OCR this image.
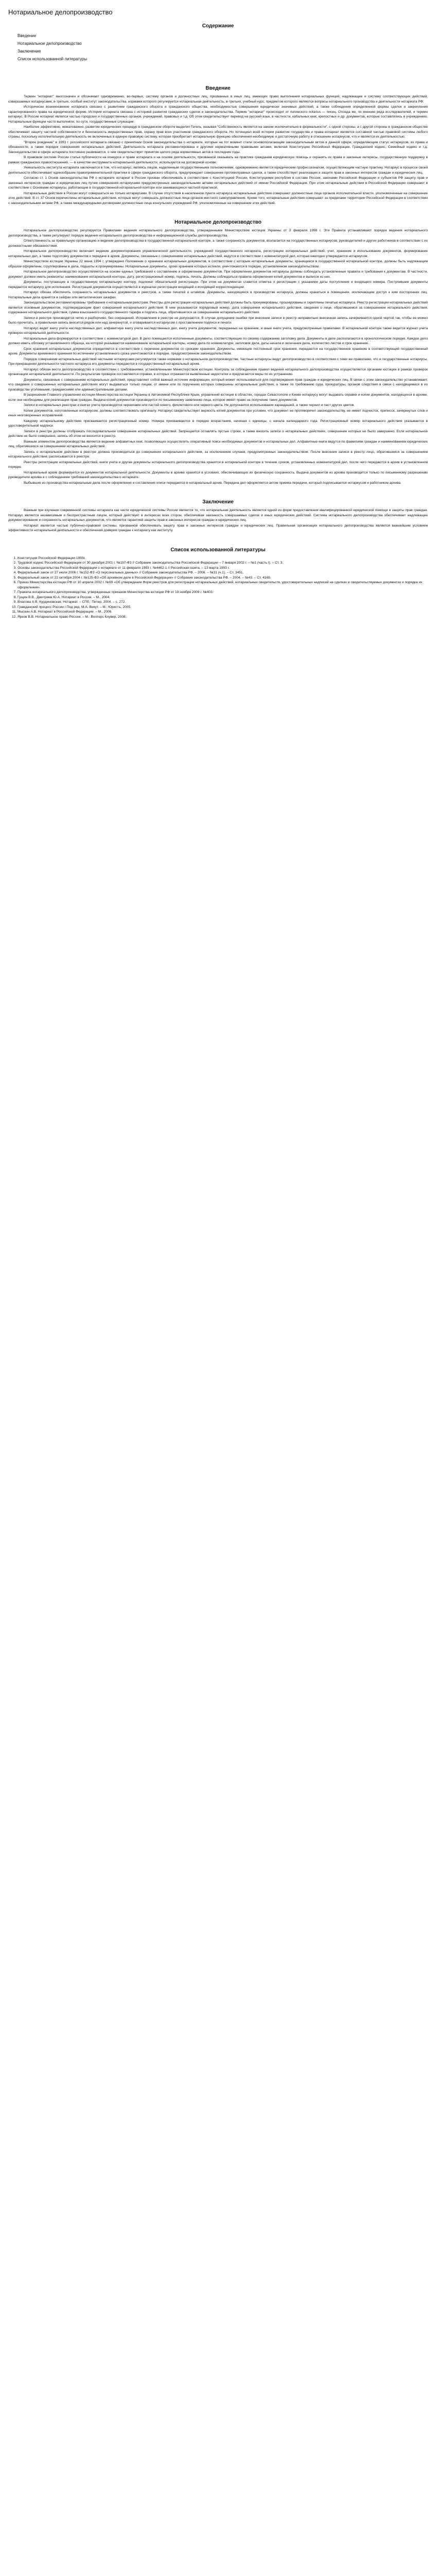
Нотариальное делопроизводство
Содержание
Введение
Нотариальное делопроизводство
Заключение
Список использованной литературы
Введение

Термин "нотариат" многозначен и обозначает одновременно, во-первых, систему органов и должностных лиц, призванных в иных лиц, имеющих право выполнения нотариальных функций, надлежащее и систему соответствующих действий, совершаемых нотариусами, в-третьих, особый институт законодательства, нормами которого регулируется нотариальная деятельность, в-третьих, учебный курс, предметом которого являются вопросы нотариального производства и деятельности нотариата РФ.

Исторически возникновение нотариата связано с развитием гражданского оборота и гражданского общества, необходимостью совершения юридически значимых действий, а также соблюдения определенной формы сделок и закрепления гарантированного права на юридической форме. История нотариата связана с историей развития гражданских сделок и законодательства. Термин "нотариат" происходит от латинского notarius — писец. Отсюда же, по мнению ряда исследователей, и термин нотариус. В России нотариат являлся частью городских и государственных органов, учреждений, правовых и т.д. Об этом свидетельствует перевод на русский язык, в частности, кабальных книг, крепостных и др. документов, которые составлялись в учреждениях. Нотариальные функции часто выполняли, по сути, государственные служащие.

Наиболее эффективно, немаловажно, развитие юридических процедур в гражданском обороте выделил Гегель, называя "Собственность является на законе исключительно в формальности", с одной стороны, а с другой стороны в гражданском обществе обеспечивает защиту частной собственности и безопасность имущественных прав, охрану прав всех участников гражданского оборота. Но потенциал всей истории развития государства и права нотариат является составной частью правовой системы любого страны, поскольку исполнительную деятельность ее включенных в единую правовую систему, которая приобретает нотариальную функцию обеспечения необходимую и достаточную работу в отношении нотариусов, что и является их деятельностью.

"Второе рождение" в 1993 г. российского нотариата связано с принятием Основ законодательства о нотариате, которые на тот момент стали основополагающим законодательным актом в данной сфере, определяющим статус нотариусов, их права и обязанности, а также порядок совершения нотариальных действий. Деятельность нотариата регламентирована и другими нормативными правовыми актами, включая Конституцию Российской Федерации, Гражданский кодекс, Семейный кодекс и т.д. Законодательство в сфере нотариата постоянно развивается, о чем свидетельствует принятие целого ряда нормативных актов в последние годы.

В правовом системе России статья публичности на конкурсе и праве нотариата и на основе деятельности, призванной оказывать на практике гражданам юридическую помощь и охранять их права и законные интересы, государственную поддержку в рамках гражданских правоотношений, — в качестве инструмента нотариальной деятельности, используется на договорной основе.

Уникальность института нотариата заключается в том, что нотариус, являясь лицом, наделенным государственными полномочиями, одновременно является юридическим профессионалом, осуществляющим частную практику. Нотариус в процессе своей деятельности обеспечивает единообразие правоприменительной практики в сфере гражданского оборота, предупреждает совершение противоправных сделок, а также способствует реализации и защите прав и законных интересов граждан и юридических лиц.

Согласно ст. 1 Основ законодательства РФ о нотариате нотариат в России призван обеспечивать в соответствии с Конституцией России, Конституциями республик в составе России, законами Российской Федерации и субъектов РФ защиту прав и законных интересов граждан и юридических лиц путем совершения нотариусами предусмотренных законодательными актами нотариальных действий от имени Российской Федерации. При этом нотариальные действия в Российской Федерации совершают в соответствии с Основами нотариусы, работающие в государственной нотариальной конторе или занимающиеся частной практикой.

Нотариальные действия в России могут совершаться не только нотариусами. В случае отсутствия в населенном пункте нотариуса нотариальные действия совершают должностные лица органов исполнительной власти, уполномоченные на совершение этих действий. В ст. 37 Основ перечислены нотариальные действия, которые могут совершать должностные лица органов местного самоуправления. Кроме того, нотариальные действия совершают за пределами территории Российской Федерации в соответствии с законодательными актами РФ, а также международными договорами должностные лица консульских учреждений РФ, уполномоченные на совершение этих действий.

Нотариальное делопроизводство

Нотариальное делопроизводство регулируется Правилами ведения нотариального делопроизводства, утвержденными Министерством юстиции Украины от 3 февраля 1998 г. Эти Правила устанавливают порядок ведения нотариального делопроизводства, а также регулируют порядок ведения нотариального делопроизводства и информационной службы делопроизводства.

Ответственность за правильную организацию и ведение делопроизводства в государственной нотариальной конторе, а также сохранность документов, возлагается на государственных нотариусов, руководителей и других работников в соответствии с их должностными обязанностями.

Нотариальное делопроизводство включает ведение документирования управленческой деятельности, учреждений государственного нотариата, регистрацию нотариальных действий, учет, хранение и использование документов, формирование нотариальных дел, а также подготовку документов к передаче в архив. Документы, связанные с совершением нотариальных действий, ведутся в соответствии с номенклатурой дел, которая ежегодно утверждается нотариусом.

Министерством юстиции Украины 22 июня 1994 г. утверждено Положение о хранении нотариальных документов, в соответствии с которым нотариальные документы, хранящиеся в государственной нотариальной конторе, должны быть надлежащим образом оформлены, сгруппированы в дела, подшиты и пронумерованы. Нотариальные документы, сроки хранения которых истекли, уничтожаются в порядке, установленном законодательством.

Нотариальное делопроизводство осуществляется на основе единых требований к составлению и оформлению документов. При оформлении документов нотариусы должны соблюдать установленные правила и требования к документам. В частности, документ должен иметь реквизиты: наименование нотариальной конторы, дату, регистрационный номер, подпись, печать. Должны соблюдаться правила оформления копий документов и выписок из них.

Документы, поступающие в государственную нотариальную контору, подлежат обязательной регистрации. При этом на документах ставится отметка о регистрации с указанием даты поступления и входящего номера. Поступившие документы передаются нотариусу для исполнения. Регистрация документов осуществляется в журналах регистрации входящей и исходящей корреспонденции.

Нотариус обязан обеспечить сохранность нотариальных документов и реестров, а также печатей и штампов. Документы, находящиеся в производстве нотариуса, должны храниться в помещении, исключающем доступ к ним посторонних лиц. Нотариальные дела хранятся в сейфах или металлических шкафах.

Законодательством регламентированы требования к нотариальным реестрам. Реестры для регистрации нотариальных действий должны быть пронумерованы, прошнурованы и скреплены печатью нотариуса. Реестр регистрации нотариальных действий является основным документом, подтверждающим факт совершения нотариального действия. В нем указываются порядковый номер, дата совершения нотариального действия, сведения о лице, обратившемся за совершением нотариального действия, содержание нотариального действия, сумма взысканного государственного тарифа и подпись лица, обратившегося за совершением нотариального действия.

Записи в реестре производятся четко и разборчиво, без сокращений. Исправления в реестре не допускаются. В случае допущения ошибки при внесении записи в реестр неправильно внесенная запись зачеркивается одной чертой так, чтобы ее можно было прочитать, а правильная запись вносится рядом или над зачеркнутой, и оговаривается нотариусом с проставлением подписи и печати.

Нотариус ведет книгу учета наследственных дел, алфавитную книгу учета наследственных дел, книгу учета документов, переданных на хранение, и иные книги учета, предусмотренные правилами. В нотариальной конторе также ведется журнал учета проверок нотариальной деятельности.

Нотариальные дела формируются в соответствии с номенклатурой дел. В дело помещаются исполненные документы, соответствующие по своему содержанию заголовку дела. Документы в деле располагаются в хронологическом порядке. Каждое дело должно иметь обложку установленного образца, на которой указываются наименование нотариальной конторы, номер дела по номенклатуре, заголовок дела, даты начала и окончания дела, количество листов и срок хранения.

Срок хранения нотариальных документов определяется в соответствии с перечнем документов со сроками хранения. Документы, имеющие постоянный срок хранения, передаются на государственное хранение в соответствующий государственный архив. Документы временного хранения по истечении установленного срока уничтожаются в порядке, предусмотренном законодательством.

Порядок совершения нотариальных действий частными нотариусами регулируется также нормами о нотариальном делопроизводстве. Частные нотариусы ведут делопроизводство в соответствии с теми же правилами, что и государственные нотариусы. При прекращении деятельности частного нотариуса его документы передаются в государственный нотариальный архив.

Нотариус обязан вести делопроизводство в соответствии с требованиями, установленными Министерством юстиции. Контроль за соблюдением правил ведения нотариального делопроизводства осуществляется органами юстиции в рамках проверок организации нотариальной деятельности. По результатам проверок составляются справки, в которых отражаются выявленные недостатки и предлагаются меры по их устранению.

Документы, связанные с совершением нотариальных действий, представляют собой важный источник информации, который может использоваться для подтверждения прав граждан и юридических лиц. В связи с этим законодательство устанавливает, что сведения о совершенных нотариальных действиях могут выдаваться только лицам, от имени или по поручению которых совершены нотариальные действия, а также по требованию суда, прокуратуры, органов следствия в связи с находящимися в их производстве уголовными, гражданскими или административными делами.

В разрешении Главного управления юстиции Министерства юстиции Украины в Автономной Республике Крым, управлений юстиции в областях, городах Севастополе и Киеве нотариусу могут выдавать справки и копии документов, находящихся в архиве, если они необходимы для реализации прав граждан. Выдача копий документов производится по письменному заявлению лица, которое имеет право на получение таких документов.

Записи в нотариальных реестрах и книгах учета производятся чернилами или пастой синего, фиолетового или черного цвета. Не допускается использование карандашей, а также чернил и паст других цветов.

Копии документов, изготовленные нотариусом, должны соответствовать оригиналу. Нотариус свидетельствует верность копий документов при условии, что документ не противоречит законодательству, не имеет подчисток, приписок, зачеркнутых слов и иных неоговоренных исправлений.

Каждому нотариальному действию присваивается регистрационный номер. Номера присваиваются в порядке возрастания, начиная с единицы, с начала календарного года. Регистрационный номер нотариального действия указывается в удостоверительной надписи.

Записи в реестре должны отображать последовательное совершение нотариальных действий. Запрещается оставлять пустые строки, а также вносить записи о нотариальных действиях, совершение которых не было завершено. Если нотариальное действие не было совершено, запись об этом не вносится в реестр.

Важным элементом делопроизводства является ведение алфавитных книг, позволяющих осуществлять оперативный поиск необходимых документов и нотариальных дел. Алфавитные книги ведутся по фамилиям граждан и наименованиям юридических лиц, обратившихся за совершением нотариальных действий.

Запись о нотариальном действии в реестре должна производиться до совершения нотариального действия, за исключением случаев, предусмотренных законодательством. После внесения записи в реестр лицо, обратившееся за совершением нотариального действия, расписывается в реестре.

Реестры регистрации нотариальных действий, книги учета и другие документы нотариального делопроизводства хранятся в нотариальной конторе в течение сроков, установленных номенклатурой дел, после чего передаются в архив в установленном порядке.

Нотариальный архив формируется из документов нотариальной деятельности. Документы в архиве хранятся в условиях, обеспечивающих их физическую сохранность. Выдача документов из архива производится только по письменному разрешению руководителя архива и с соблюдением требований законодательства о нотариате.

Выбывшие из производства нотариальные дела после оформления и составления описи передаются в нотариальный архив. Передача дел оформляется актом приема-передачи, который подписывается нотариусом и работником архива.

Заключение

Важным при изучении современной системы нотариата как части юридической системы России является то, что нотариальная деятельность является одной из форм предоставления квалифицированной юридической помощи и защиты прав граждан. Нотариус является независимым и беспристрастным лицом, который действует в интересах всех сторон, обеспечивая законность совершаемых сделок и иных юридических действий. Система нотариального делопроизводства обеспечивает надлежащее документирование и сохранность нотариальных документов, что является гарантией защиты прав и законных интересов граждан и юридических лиц.

Нотариат является частью публично-правовой системы, призванной обеспечивать защиту прав и законных интересов граждан и юридических лиц. Правильная организация нотариального делопроизводства является важнейшим условием эффективности нотариальной деятельности и обеспечения доверия граждан к нотариату как институту.

Список использованной литературы
1. Конституция Российской Федерации 1993г.
2. Трудовой кодекс Российской Федерации от 30 декабря 2001 г. №197-ФЗ // Собрание законодательства Российской Федерации – 7 января 2002 г. – №1 (часть I). – Ст. 3.
3. Основы законодательства Российской Федерации о нотариате от 11 февраля 1993 г. №4462-1 // Российская газета. – 13 марта 1993 г.
4. Федеральный закон от 27 июля 2006 г. №152-ФЗ «О персональных данных» // Собрание законодательства РФ. – 2006. – №31 (ч.1). – Ст. 3451.
5. Федеральный закон от 22 октября 2004 г. №125-ФЗ «Об архивном деле в Российской Федерации» // Собрание законодательства РФ. – 2004. – №43. – Ст. 4169.
6. Приказ Министерства юстиции РФ от 10 апреля 2002 г. №99 «Об утверждении Форм реестров для регистрации нотариальных действий, нотариальных свидетельств, удостоверительных надписей на сделках и свидетельствуемых документах и порядка их оформления».
7. Правила нотариального делопроизводства, утвержденные приказом Министерства юстиции РФ от 19 ноября 2009 г. №403.
8. Гущин В.В., Дмитриев Ю.А. Нотариат в России. – М., 2004.
9. Власова А.В. Курдиновская. Нотариат. – СПб.: Питер, 2004. – с. 272.
10. Гражданский процесс России / Под ред. М.А. Викут. – М.: Юристъ, 2005.
11. Мыскин А.В. Нотариат в Российской Федерации. – М., 2006.
12. Ярков В.В. Нотариальное право России. – М.: Волтерс Клувер, 2008.
